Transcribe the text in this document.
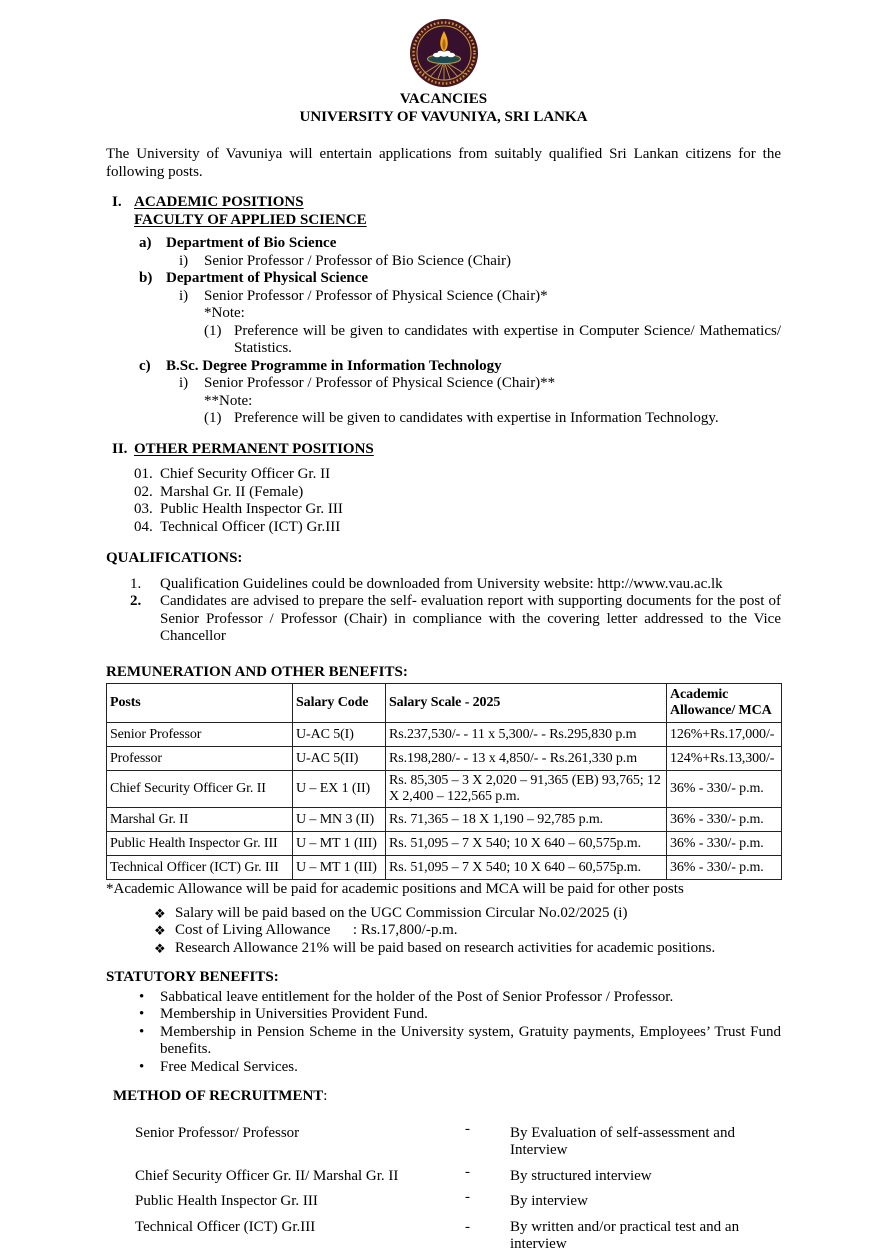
VACANCIES
UNIVERSITY OF VAVUNIYA, SRI LANKA

The University of Vavuniya will entertain applications from suitably qualified Sri Lankan citizens for the following posts.

I. ACADEMIC POSITIONS
FACULTY OF APPLIED SCIENCE
a) Department of Bio Science
i) Senior Professor / Professor of Bio Science (Chair)
b) Department of Physical Science
i) Senior Professor / Professor of Physical Science (Chair)*
*Note:
(1) Preference will be given to candidates with expertise in Computer Science/ Mathematics/ Statistics.

c) B.Sc. Degree Programme in Information Technology
i) Senior Professor / Professor of Physical Science (Chair)**
**Note:
(1) Preference will be given to candidates with expertise in Information Technology.

II. OTHER PERMANENT POSITIONS
01. Chief Security Officer Gr. II
02. Marshal Gr. II (Female)
03. Public Health Inspector Gr. III
04. Technical Officer (ICT) Gr.III
QUALIFICATIONS:
1.	Qualification Guidelines could be downloaded from University website: http://www.vau.ac.lk

2.	Candidates are advised to prepare the self- evaluation report with supporting documents for the post of Senior Professor / Professor (Chair) in compliance with the covering letter addressed to the Vice Chancellor

REMUNERATION AND OTHER BENEFITS:
Posts	Salary Code	Salary Scale - 2025	Academic Allowance/ MCA
Senior Professor	U-AC 5(I)	Rs.237,530/- - 11 x 5,300/- - Rs.295,830 p.m	126%+Rs.17,000/-
Professor	U-AC 5(II)	Rs.198,280/- - 13 x 4,850/- - Rs.261,330 p.m	124%+Rs.13,300/-
Chief Security Officer Gr. II	U – EX 1 (II)	Rs. 85,305 – 3 X 2,020 – 91,365 (EB) 93,765; 12 X 2,400 – 122,565 p.m.	36% - 330/- p.m.
Marshal Gr. II	U – MN 3 (II)	Rs. 71,365 – 18 X 1,190 – 92,785 p.m.	36% - 330/- p.m.
Public Health Inspector Gr. III	U – MT 1 (III)	Rs. 51,095 – 7 X 540; 10 X 640 – 60,575p.m.	36% - 330/- p.m.
Technical Officer (ICT) Gr. III	U – MT 1 (III)	Rs. 51,095 – 7 X 540; 10 X 640 – 60,575p.m.	36% - 330/- p.m.
*Academic Allowance will be paid for academic positions and MCA will be paid for other posts
❖ Salary will be paid based on the UGC Commission Circular No.02/2025 (i)

❖ Cost of Living Allowance      : Rs.17,800/-p.m.

❖ Research Allowance 21% will be paid based on research activities for academic positions.

STATUTORY BENEFITS:
•	Sabbatical leave entitlement for the holder of the Post of Senior Professor / Professor.

•	Membership in Universities Provident Fund.

•	Membership in Pension Scheme in the University system, Gratuity payments, Employees’ Trust Fund benefits.

•	Free Medical Services.

METHOD OF RECRUITMENT:
Senior Professor/ Professor	-	By Evaluation of self-assessment and Interview
Chief Security Officer Gr. II/ Marshal Gr. II	-	By structured interview
Public Health Inspector Gr. III	-	By interview
Technical Officer (ICT) Gr.III	-	By written and/or practical test and an interview
